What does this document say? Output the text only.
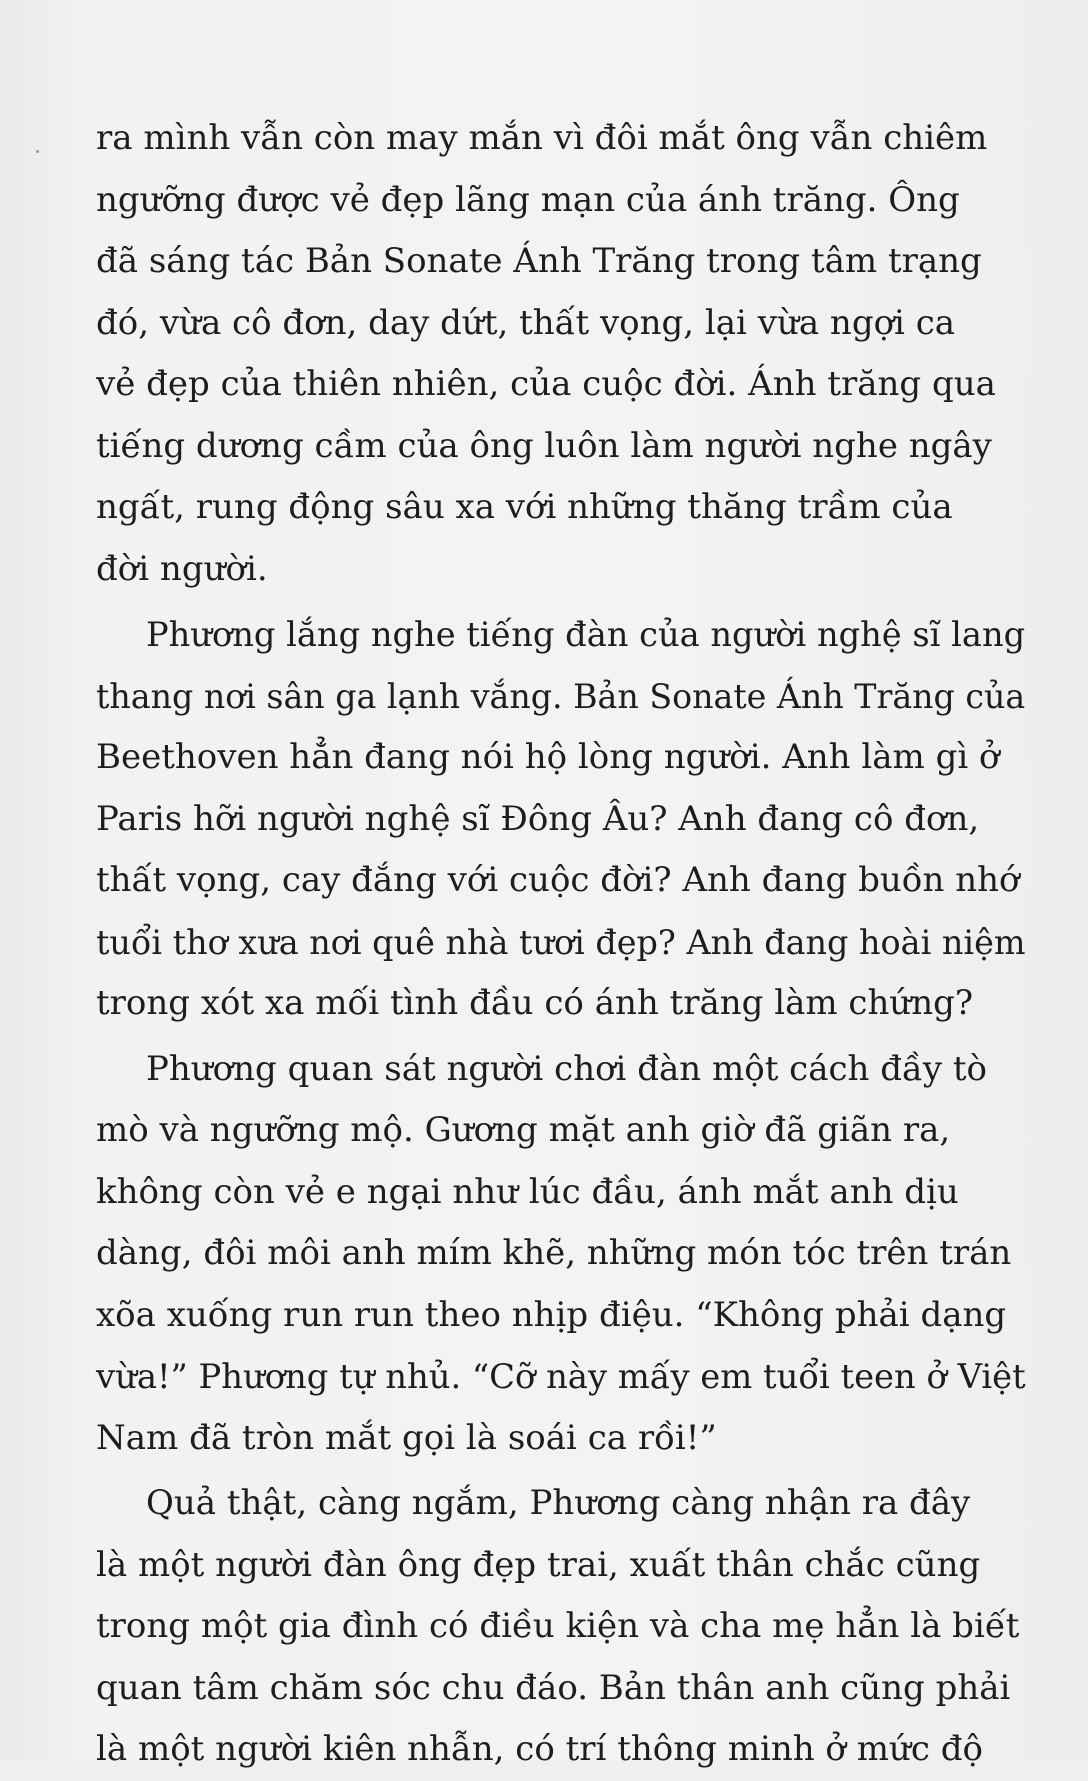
ra mình vẫn còn may mắn vì đôi mắt ông vẫn chiêm
ngưỡng được vẻ đẹp lãng mạn của ánh trăng. Ông
đã sáng tác Bản Sonate Ánh Trăng trong tâm trạng
đó, vừa cô đơn, day dứt, thất vọng, lại vừa ngợi ca
vẻ đẹp của thiên nhiên, của cuộc đời. Ánh trăng qua
tiếng dương cầm của ông luôn làm người nghe ngây
ngất, rung động sâu xa với những thăng trầm của
đời người.

Phương lắng nghe tiếng đàn của người nghệ sĩ lang
thang nơi sân ga lạnh vắng. Bản Sonate Ánh Trăng của
Beethoven hẳn đang nói hộ lòng người. Anh làm gì ở
Paris hỡi người nghệ sĩ Đông Âu? Anh đang cô đơn,
thất vọng, cay đắng với cuộc đời? Anh đang buồn nhớ
tuổi thơ xưa nơi quê nhà tươi đẹp? Anh đang hoài niệm
trong xót xa mối tình đầu có ánh trăng làm chứng?

Phương quan sát người chơi đàn một cách đầy tò
mò và ngưỡng mộ. Gương mặt anh giờ đã giãn ra,
không còn vẻ e ngại như lúc đầu, ánh mắt anh dịu
dàng, đôi môi anh mím khẽ, những món tóc trên trán
xõa xuống run run theo nhịp điệu. “Không phải dạng
vừa!” Phương tự nhủ. “Cỡ này mấy em tuổi teen ở Việt
Nam đã tròn mắt gọi là soái ca rồi!”

Quả thật, càng ngắm, Phương càng nhận ra đây
là một người đàn ông đẹp trai, xuất thân chắc cũng
trong một gia đình có điều kiện và cha mẹ hẳn là biết
quan tâm chăm sóc chu đáo. Bản thân anh cũng phải
là một người kiên nhẫn, có trí thông minh ở mức độ
